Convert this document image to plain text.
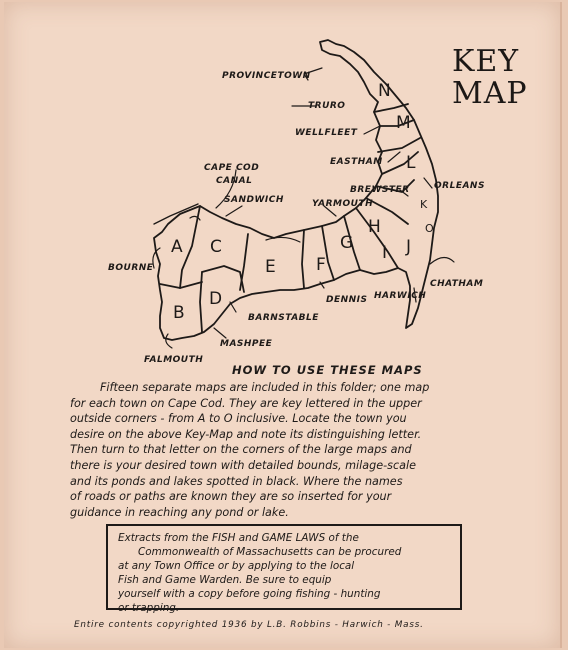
A
B
C
D
E F
G
H
I J
K
L
M
N
O
PROVINCETOWN
TRURO
WELLFLEET
EASTHAM
ORLEANS
BREWSTER
YARMOUTH
CAPE COD
CANAL
SANDWICH
BOURNE
FALMOUTH
MASHPEE
BARNSTABLE
DENNIS HARWICH
CHATHAM
KEY
MAP
HOW TO USE THESE MAPS
Fifteen separate maps are included in this folder; one map
for each town on Cape Cod. They are key lettered in the upper
outside corners - from A to O inclusive. Locate the town you
desire on the above Key-Map and note its distinguishing letter.
Then turn to that letter on the corners of the large maps and
there is your desired town with detailed bounds, milage-scale
and its ponds and lakes spotted in black. Where the names
of roads or paths are known they are so inserted for your
guidance in reaching any pond or lake.
Extracts from the FISH and GAME LAWS of the
Commonwealth of Massachusetts can be procured
at any Town Office or by applying to the local
Fish and Game Warden. Be sure to equip
yourself with a copy before going fishing - hunting
or trapping.
Entire contents copyrighted 1936 by L.B. Robbins - Harwich - Mass.
